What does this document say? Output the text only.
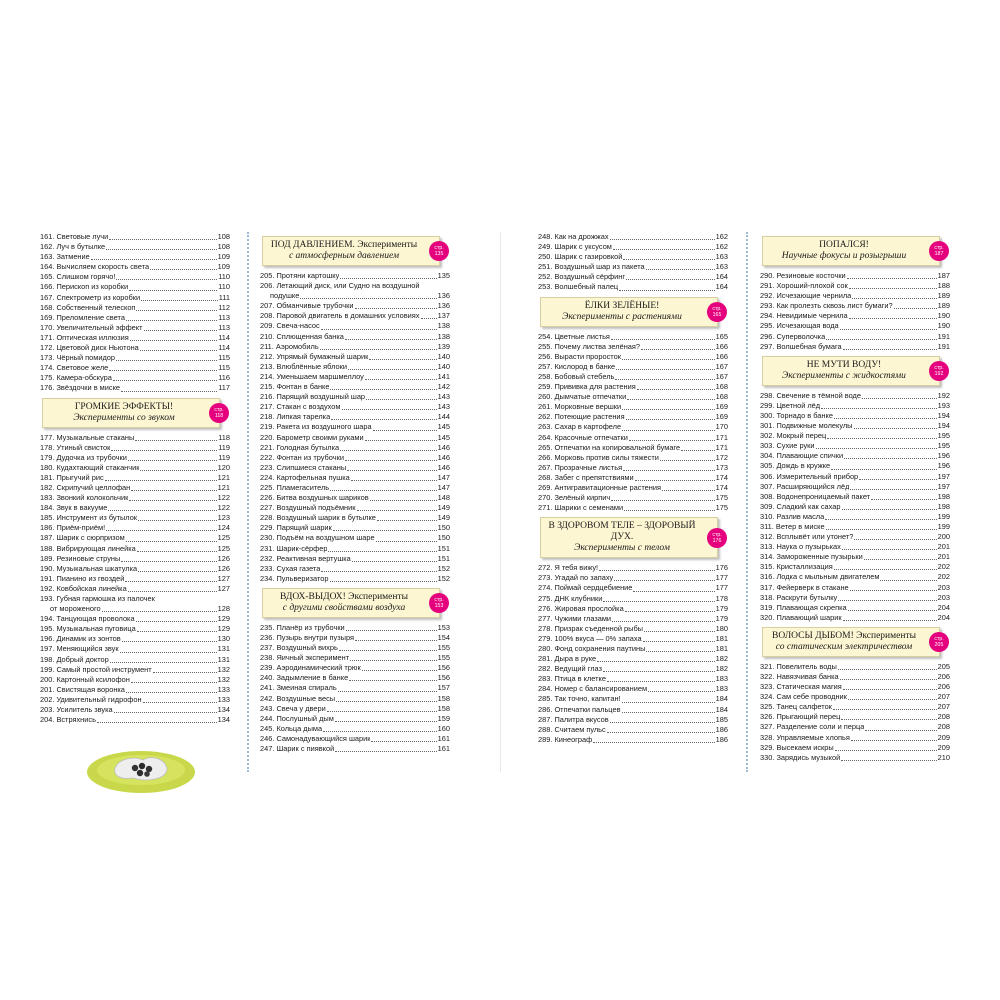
161. Световые лучи	108
162. Луч в бутылке	108
163. Затмение	109
164. Вычисляем скорость света	109
165. Слишком горячо!	110
166. Перископ из коробки	110
167. Спектрометр из коробки	111
168. Собственный телескоп	112
169. Преломление света	113
170. Увеличительный эффект	113
171. Оптическая иллюзия	114
172. Цветовой диск Ньютона	114
173. Чёрный помидор	115
174. Световое желе	115
175. Камера-обскура	116
176. Звёздочки в миске	117
ГРОМКИЕ ЭФФЕКТЫ!
Эксперименты со звуком
стр.
118
177. Музыкальные стаканы	118
178. Утиный свисток	119
179. Дудочка из трубочки	119
180. Кудахтающий стаканчик	120
181. Прыгучий рис	121
182. Скрипучий целлофан	121
183. Звонкий колокольчик	122
184. Звук в вакууме	122
185. Инструмент из бутылок	123
186. Приём-приём!	124
187. Шарик с сюрпризом	125
188. Вибрирующая линейка	125
189. Резиновые струны	126
190. Музыкальная шкатулка	126
191. Пианино из гвоздей	127
192. Ковбойская линейка	127
193. Губная гармошка из палочек
от мороженого	128
194. Танцующая проволока	129
195. Музыкальная пуговица	129
196. Динамик из зонтов	130
197. Меняющийся звук	131
198. Добрый доктор	131
199. Самый простой инструмент	132
200. Картонный ксилофон	132
201. Свистящая воронка	133
202. Удивительный гидрофон	133
203. Усилитель звука	134
204. Встряхнись	134
ПОД ДАВЛЕНИЕМ. Эксперименты
с атмосферным давлением
стр.
135
205. Протяни картошку	135
206. Летающий диск, или Судно на воздушной
подушке	136
207. Обманчивые трубочки	136
208. Паровой двигатель в домашних условиях 137
209. Свеча-насос	138
210. Сплющенная банка	138
211. Аэромобиль	139
212. Упрямый бумажный шарик	140
213. Влюблённые яблоки	140
214. Уменьшаем маршмеллоу	141
215. Фонтан в банке	142
216. Парящий воздушный шар	143
217. Стакан с воздухом	143
218. Липкая тарелка	144
219. Ракета из воздушного шара	145
220. Барометр своими руками	145
221. Голодная бутылка	146
222. Фонтан из трубочки	146
223. Слипшиеся стаканы	146
224. Картофельная пушка	147
225. Пламегаситель	147
226. Битва воздушных шариков	148
227. Воздушный подъёмник	149
228. Воздушный шарик в бутылке	149
229. Парящий шарик	150
230. Подъём на воздушном шаре	150
231. Шарик-сёрфер	151
232. Реактивная вертушка	151
233. Сухая газета	152
234. Пульверизатор	152
ВДОХ-ВЫДОХ! Эксперименты
с другими свойствами воздуха
стр.
153
235. Планёр из трубочки	153
236. Пузырь внутри пузыря	154
237. Воздушный вихрь	155
238. Яичный эксперимент	155
239. Аэродинамический трюк	156
240. Задымление в банке	156
241. Змеиная спираль	157
242. Воздушные весы	158
243. Свеча у двери	158
244. Послушный дым	159
245. Кольца дыма	160
246. Самонадувающийся шарик	161
247. Шарик с пиявкой	161
248. Как на дрожжах	162
249. Шарик с уксусом	162
250. Шарик с газировкой	163
251. Воздушный шар из пакета	163
252. Воздушный сёрфинг	164
253. Волшебный палец	164
ЁЛКИ ЗЕЛЁНЫЕ!
Эксперименты с растениями
стр.
165
254. Цветные листья	165
255. Почему листва зелёная?	166
256. Вырасти проросток	166
257. Кислород в банке	167
258. Бобовый стебель	167
259. Прививка для растения	168
260. Дымчатые отпечатки	168
261. Морковные вершки	169
262. Потеющие растения	169
263. Сахар в картофеле	170
264. Красочные отпечатки	171
265. Отпечатки на копировальной бумаге	171
266. Морковь против силы тяжести	172
267. Прозрачные листья	173
268. Забег с препятствиями	174
269. Антигравитационные растения	174
270. Зелёный кирпич	175
271. Шарики с семенами	175
В ЗДОРОВОМ ТЕЛЕ – ЗДОРОВЫЙ ДУХ.
Эксперименты с телом
стр.
176
272. Я тебя вижу!	176
273. Угадай по запаху	177
274. Поймай сердцебиение	177
275. ДНК клубники	178
276. Жировая прослойка	179
277. Чужими глазами	179
278. Призрак съеденной рыбы	180
279. 100% вкуса — 0% запаха	181
280. Фонд сохранения паутины	181
281. Дыра в руке	182
282. Ведущий глаз	182
283. Птица в клетке	183
284. Номер с балансированием	183
285. Так точно, капитан!	184
286. Отпечатки пальцев	184
287. Палитра вкусов	185
288. Считаем пульс	186
289. Кинеограф	186
ПОПАЛСЯ!
Научные фокусы и розыгрыши
стр.
187
290. Резиновые косточки	187
291. Хороший-плохой сок	188
292. Исчезающие чернила	189
293. Как пролезть сквозь лист бумаги?	189
294. Невидимые чернила	190
295. Исчезающая вода	190
296. Суперволочка	191
297. Волшебная бумага	191
НЕ МУТИ ВОДУ!
Эксперименты с жидкостями
стр.
192
298. Свечение в тёмной воде	192
299. Цветной лёд	193
300. Торнадо в банке	194
301. Подвижные молекулы	194
302. Мокрый перец	195
303. Сухие руки	195
304. Плавающие спички	196
305. Дождь в кружке	196
306. Измерительный прибор	197
307. Расширяющийся лёд	197
308. Водонепроницаемый пакет	198
309. Сладкий как сахар	198
310. Разлив масла	199
311. Ветер в миске	199
312. Всплывёт или утонет?	200
313. Наука о пузырьках	201
314. Замороженные пузырьки	201
315. Кристаллизация	202
316. Лодка с мыльным двигателем	202
317. Фейерверк в стакане	203
318. Раскрути бутылку	203
319. Плавающая скрепка	204
320. Плавающий шарик	204
ВОЛОСЫ ДЫБОМ! Эксперименты
со статическим электричеством
стр.
205
321. Повелитель воды	205
322. Навязчивая банка	206
323. Статическая магия	206
324. Сам себе проводник	207
325. Танец салфеток	207
326. Прыгающий перец	208
327. Разделение соли и перца	208
328. Управляемые хлопья	209
329. Высекаем искры	209
330. Зарядись музыкой	210
